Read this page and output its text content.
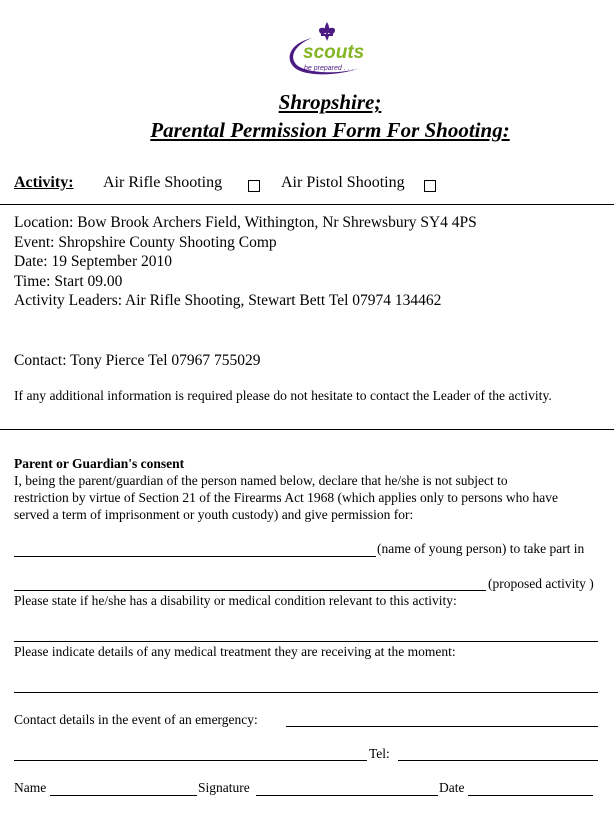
scouts
be prepared . . .
Shropshire;
Parental Permission Form For Shooting:
Activity: Air Rifle Shooting	Air Pistol Shooting
Location: Bow Brook Archers Field, Withington, Nr Shrewsbury SY4 4PS
Event: Shropshire County Shooting Comp
Date: 19 September 2010
Time: Start 09.00
Activity Leaders: Air Rifle Shooting, Stewart Bett Tel 07974 134462
Contact: Tony Pierce Tel 07967 755029
If any additional information is required please do not hesitate to contact the Leader of the activity.
Parent or Guardian's consent
I, being the parent/guardian of the person named below, declare that he/she is not subject to
restriction by virtue of Section 21 of the Firearms Act 1968 (which applies only to persons who have
served a term of imprisonment or youth custody) and give permission for:
(name of young person) to take part in
(proposed activity )
Please state if he/she has a disability or medical condition relevant to this activity:
Please indicate details of any medical treatment they are receiving at the moment:
Contact details in the event of an emergency:
Tel:
Name	Signature	Date
